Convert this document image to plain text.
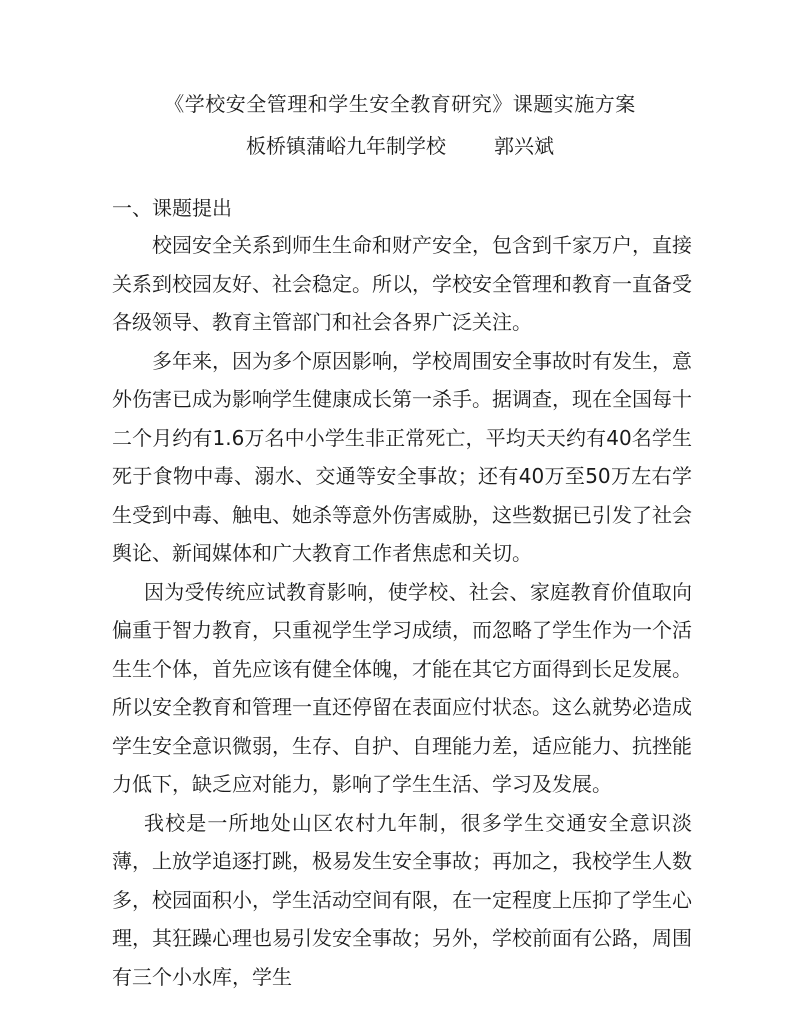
《学校安全管理和学生安全教育研究》课题实施方案
板桥镇蒲峪九年制学校 郭兴斌
一、课题提出

校园安全关系到师生生命和财产安全，包含到千家万户，直接关系到校园友好、社会稳定。所以，学校安全管理和教育一直备受各级领导、教育主管部门和社会各界广泛关注。

多年来，因为多个原因影响，学校周围安全事故时有发生，意外伤害已成为影响学生健康成长第一杀手。据调查，现在全国每十二个月约有1.6万名中小学生非正常死亡，平均天天约有40名学生死于食物中毒、溺水、交通等安全事故；还有40万至50万左右学生受到中毒、触电、她杀等意外伤害威胁，这些数据已引发了社会舆论、新闻媒体和广大教育工作者焦虑和关切。

因为受传统应试教育影响，使学校、社会、家庭教育价值取向偏重于智力教育，只重视学生学习成绩，而忽略了学生作为一个活生生个体，首先应该有健全体魄，才能在其它方面得到长足发展。所以安全教育和管理一直还停留在表面应付状态。这么就势必造成学生安全意识微弱，生存、自护、自理能力差，适应能力、抗挫能力低下，缺乏应对能力，影响了学生生活、学习及发展。

我校是一所地处山区农村九年制，很多学生交通安全意识淡薄，上放学追逐打跳，极易发生安全事故；再加之，我校学生人数多，校园面积小，学生活动空间有限，在一定程度上压抑了学生心理，其狂躁心理也易引发安全事故；另外，学校前面有公路，周围有三个小水库，学生
